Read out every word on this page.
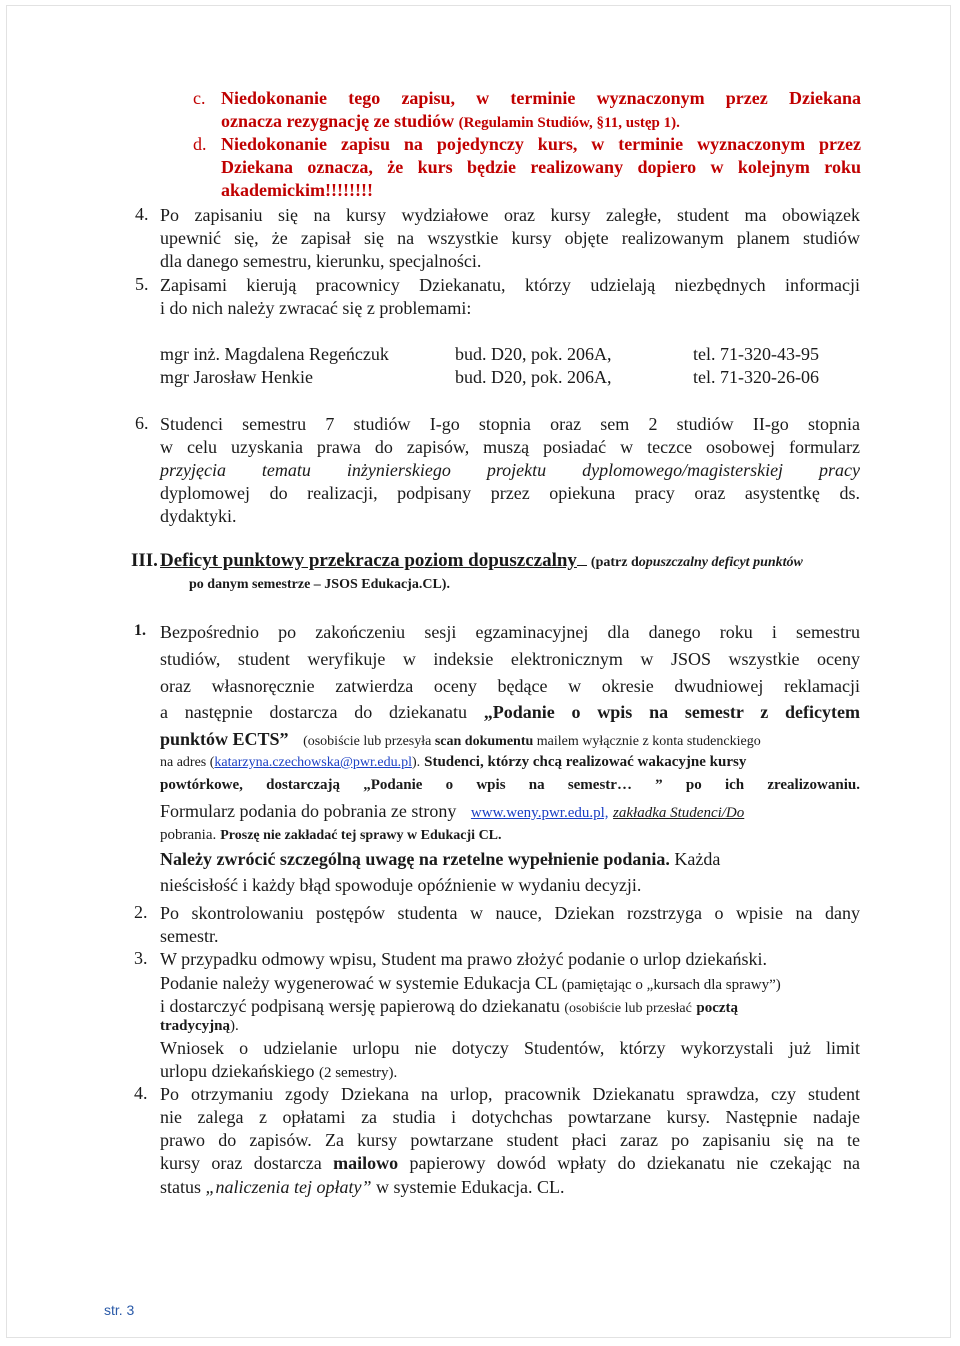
c. Niedokonanie tego zapisu, w terminie wyznaczonym przez Dziekana
oznacza rezygnację ze studiów (Regulamin Studiów, §11, ustęp 1).
d. Niedokonanie zapisu na pojedynczy kurs, w terminie wyznaczonym przez
Dziekana oznacza, że kurs będzie realizowany dopiero w kolejnym roku
akademickim!!!!!!!!
4. Po zapisaniu się na kursy wydziałowe oraz kursy zaległe, student ma obowiązek
upewnić się, że zapisał się na wszystkie kursy objęte realizowanym planem studiów
dla danego semestru, kierunku, specjalności.
5. Zapisami kierują pracownicy Dziekanatu, którzy udzielają niezbędnych informacji
i do nich należy zwracać się z problemami:
mgr inż. Magdalena Regeńczuk	bud. D20, pok. 206A,	tel. 71-320-43-95
mgr Jarosław Henkie	bud. D20, pok. 206A,	tel. 71-320-26-06
6. Studenci semestru 7 studiów I-go stopnia oraz sem 2 studiów II-go stopnia
w celu uzyskania prawa do zapisów, muszą posiadać w teczce osobowej formularz
przyjęcia tematu inżynierskiego projektu dyplomowego/magisterskiej pracy
dyplomowej do realizacji, podpisany przez opiekuna pracy oraz asystentkę ds.
dydaktyki.
III. Deficyt punktowy przekracza poziom dopuszczalny (patrz dopuszczalny deficyt punktów
po danym semestrze – JSOS Edukacja.CL).
1. Bezpośrednio po zakończeniu sesji egzaminacyjnej dla danego roku i semestru
studiów, student weryfikuje w indeksie elektronicznym w JSOS wszystkie oceny
oraz własnoręcznie zatwierdza oceny będące w okresie dwudniowej reklamacji
a następnie dostarcza do dziekanatu „Podanie o wpis na semestr z deficytem
punktów ECTS” (osobiście lub przesyła scan dokumentu mailem wyłącznie z konta studenckiego
na adres (katarzyna.czechowska@pwr.edu.pl). Studenci, którzy chcą realizować wakacyjne kursy
powtórkowe, dostarczają „Podanie o wpis na semestr… ” po ich zrealizowaniu.
Formularz podania do pobrania ze strony www.weny.pwr.edu.pl, zakładka Studenci/Do
pobrania. Proszę nie zakładać tej sprawy w Edukacji CL.
Należy zwrócić szczególną uwagę na rzetelne wypełnienie podania. Każda
nieścisłość i każdy błąd spowoduje opóźnienie w wydaniu decyzji.
2. Po skontrolowaniu postępów studenta w nauce, Dziekan rozstrzyga o wpisie na dany
semestr.
3. W przypadku odmowy wpisu, Student ma prawo złożyć podanie o urlop dziekański.
Podanie należy wygenerować w systemie Edukacja CL (pamiętając o „kursach dla sprawy”)
i dostarczyć podpisaną wersję papierową do dziekanatu (osobiście lub przesłać pocztą
tradycyjną).
Wniosek o udzielanie urlopu nie dotyczy Studentów, którzy wykorzystali już limit
urlopu dziekańskiego (2 semestry).
4. Po otrzymaniu zgody Dziekana na urlop, pracownik Dziekanatu sprawdza, czy student
nie zalega z opłatami za studia i dotychchas powtarzane kursy. Następnie nadaje
prawo do zapisów. Za kursy powtarzane student płaci zaraz po zapisaniu się na te
kursy oraz dostarcza mailowo papierowy dowód wpłaty do dziekanatu nie czekając na
status „naliczenia tej opłaty” w systemie Edukacja. CL.
str. 3
